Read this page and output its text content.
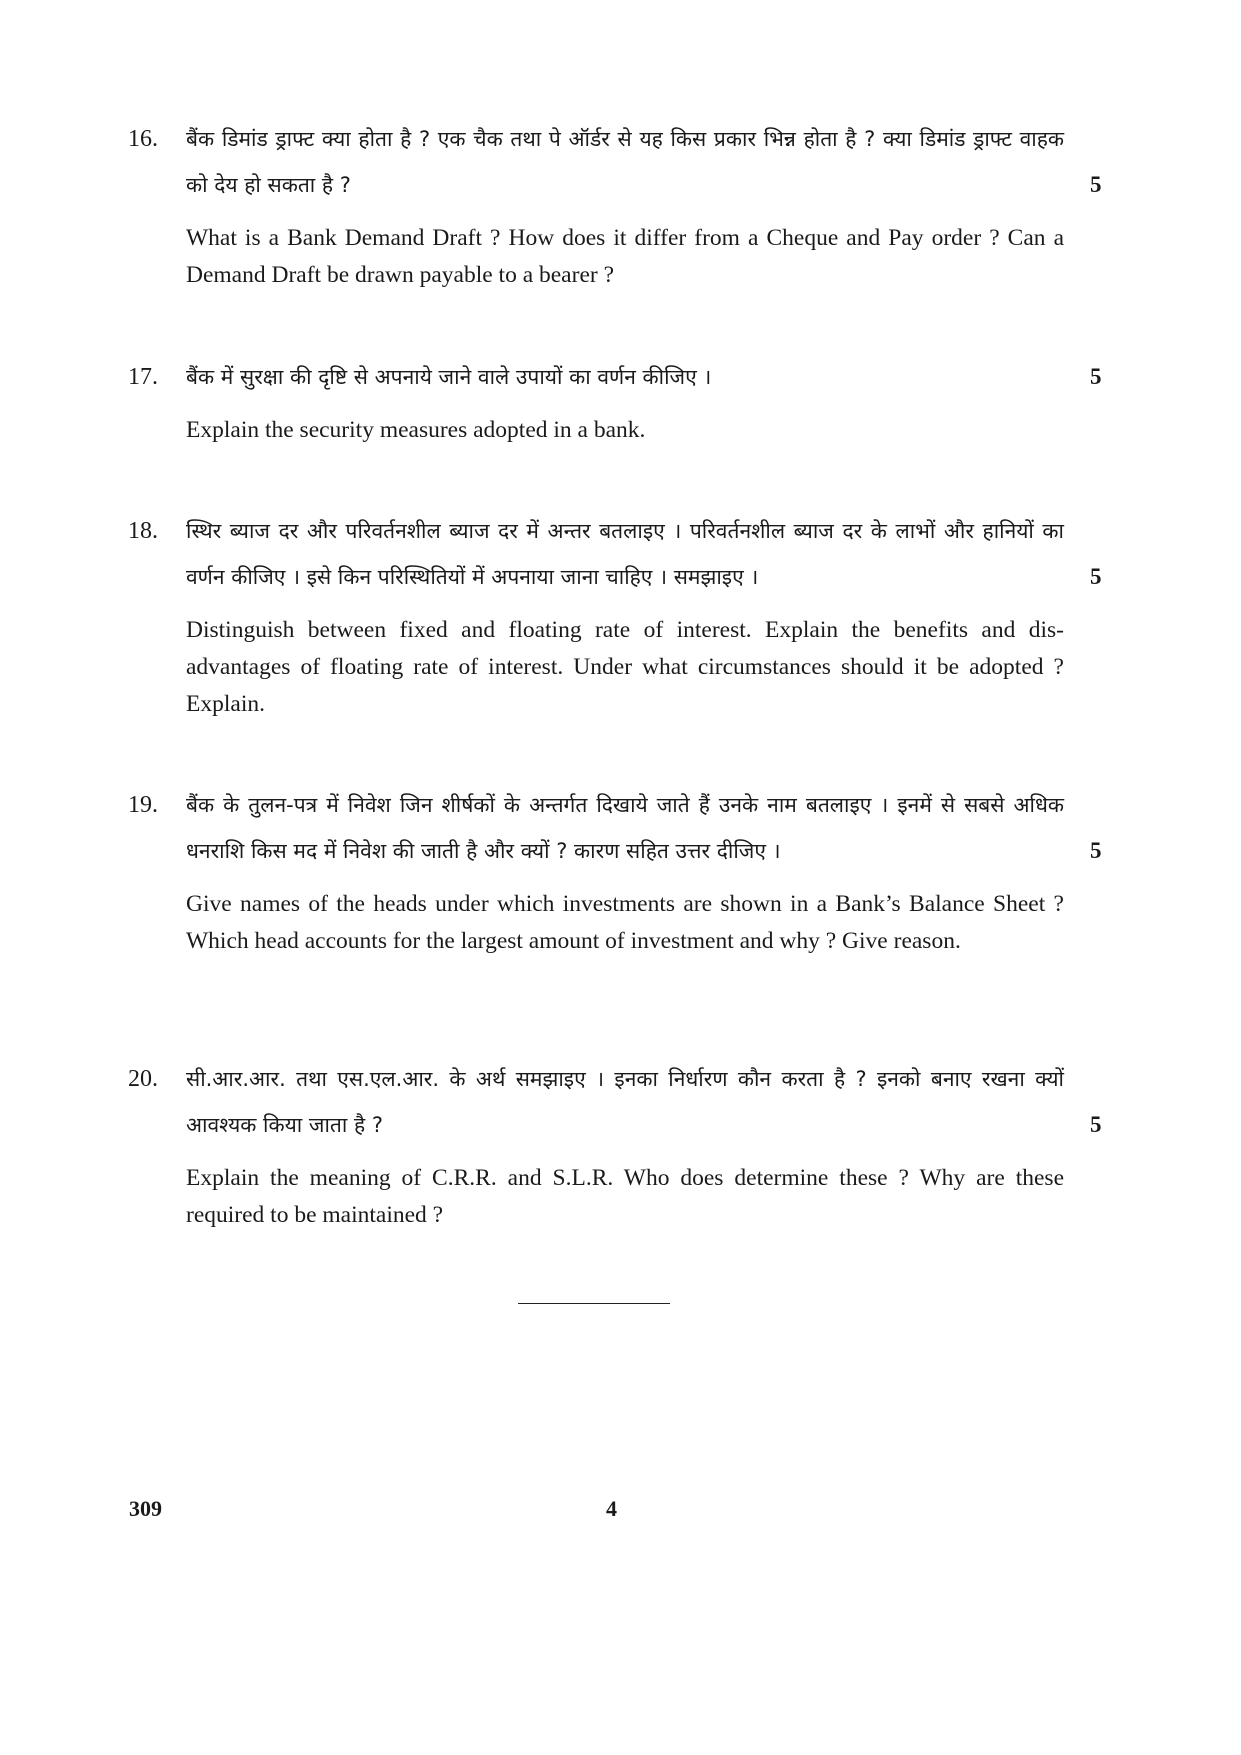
16. बैंक डिमांड ड्राफ्ट क्या होता है ? एक चैक तथा पे ऑर्डर से यह किस प्रकार भिन्न होता है ? क्या डिमांड ड्राफ्ट वाहक को देय हो सकता है ?

What is a Bank Demand Draft ? How does it differ from a Cheque and Pay order ? Can a Demand Draft be drawn payable to a bearer ?

5
17. बैंक में सुरक्षा की दृष्टि से अपनाये जाने वाले उपायों का वर्णन कीजिए ।

Explain the security measures adopted in a bank.

5
18. स्थिर ब्याज दर और परिवर्तनशील ब्याज दर में अन्तर बतलाइए । परिवर्तनशील ब्याज दर के लाभों और हानियों का वर्णन कीजिए । इसे किन परिस्थितियों में अपनाया जाना चाहिए । समझाइए ।

Distinguish between fixed and floating rate of interest. Explain the benefits and dis-advantages of floating rate of interest. Under what circumstances should it be adopted ? Explain.

5
19. बैंक के तुलन-पत्र में निवेश जिन शीर्षकों के अन्तर्गत दिखाये जाते हैं उनके नाम बतलाइए । इनमें से सबसे अधिक धनराशि किस मद में निवेश की जाती है और क्यों ? कारण सहित उत्तर दीजिए ।

Give names of the heads under which investments are shown in a Bank’s Balance Sheet ? Which head accounts for the largest amount of investment and why ? Give reason.

5
20. सी.आर.आर. तथा एस.एल.आर. के अर्थ समझाइए । इनका निर्धारण कौन करता है ? इनको बनाए रखना क्यों आवश्यक किया जाता है ?

Explain the meaning of C.R.R. and S.L.R. Who does determine these ? Why are these required to be maintained ?

5
309	4
